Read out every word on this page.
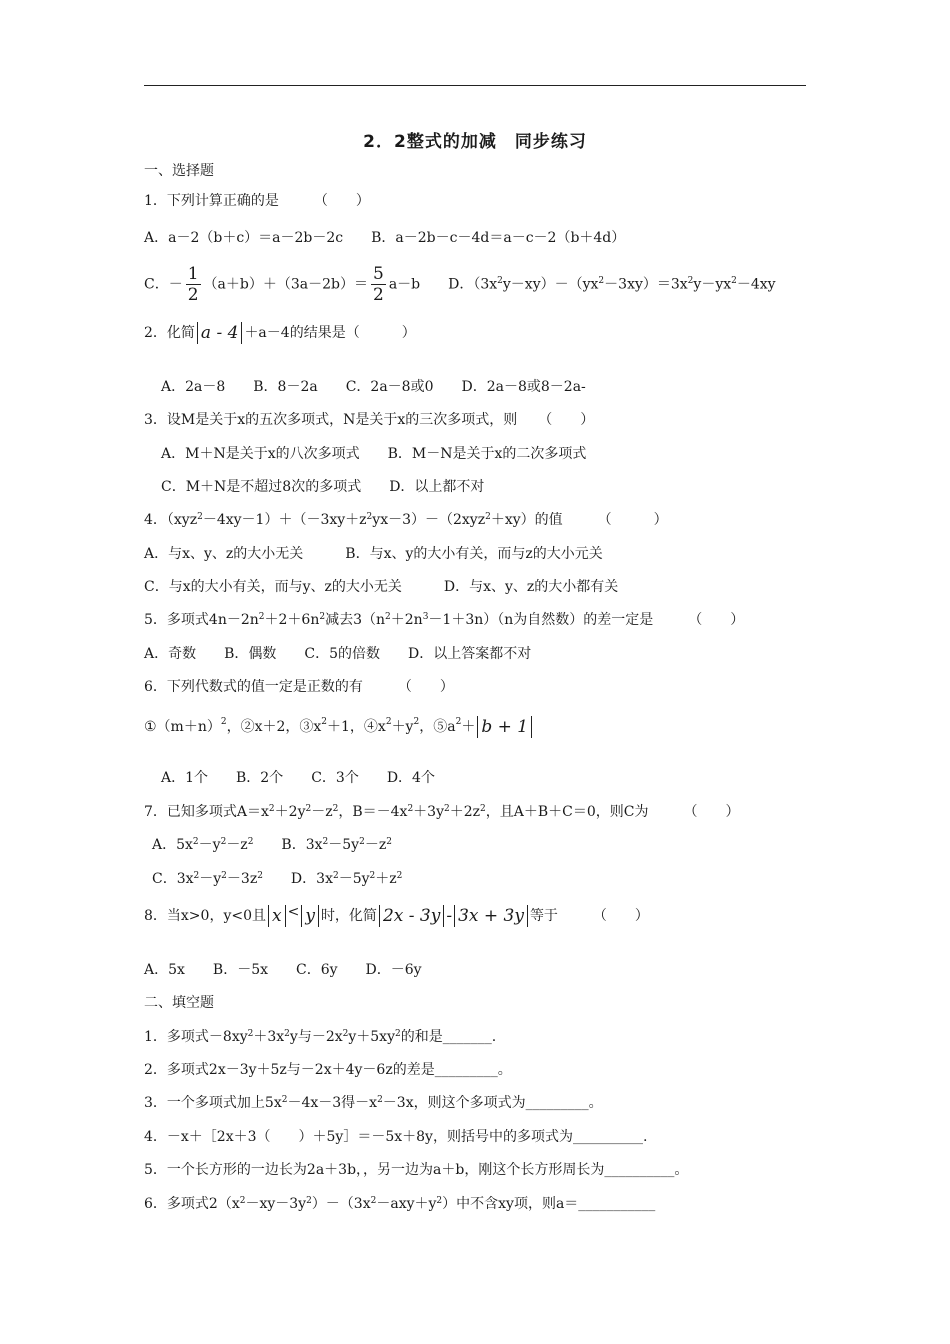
2．2整式的加减　同步练习
一、选择题
1．下列计算正确的是　　　（　　）
A．a－2（b＋c）＝a－2b－2c　　B．a－2b－c－4d＝a－c－2（b＋4d）
C．－ $\frac{1}{2} (a+b)+(3a-2b)= \frac{5}{2} a-b$　　D．$(3x^2y-xy)-(yx^2-3xy)=3x^2y-yx^2-4xy$
2．化简 a - 4 ＋a－4的结果是（　　　）
A．2a－8　　B．8－2a　　C．2a－8或0　　D．2a－8或8－2a-
3．设M是关于x的五次多项式，N是关于x的三次多项式，则　　（　　）
A．M＋N是关于x的八次多项式　　B．M－N是关于x的二次多项式
C．M＋N是不超过8次的多项式　　D．以上都不对
4．$(xyz^2-4xy-1)+(-3xy+z^2yx-3)-(2xyz^2+xy)$的值　　　（　　　）
A．与x、y、z的大小无关　　　B．与x、y的大小有关，而与z的大小元关
C．与x的大小有关，而与y、z的大小无关　　　D．与x、y、z的大小都有关
5．多项式$4n-2n^2+2+6n^2$减去$3(n^2+2n^3-1+3n)(n$为自然数）的差一定是　　　（　　）
A．奇数　　B．偶数　　C．5的倍数　　D．以上答案都不对
6．下列代数式的值一定是正数的有　　　（　　）
$①(m+n)^2$，②x＋2，$③x^2+1$，$④x^2+y^2$，$⑤a^2+ b + 1$
A．1个　　B．2个　　C．3个　　D．4个
7．已知多项式$A=x^2+2y^2-z^2$，$B=-4x^2+3y^2+2z^2$，且A＋B＋C＝0，则C为　　　（　　）
A．$5x^2-y^2-z^2$　　B．$3x^2-5y^2-z^2$
C．$3x^2-y^2-3z^2$　　D．$3x^2-5y^2+z^2$
8．当x>0，y<0且 x < y 时，化简 2x - 3y - 3x + 3y 等于　　　（　　）
A．5x　　B．－5x　　C．6y　　D．－6y
二、填空题
1．多项式$-8xy^2+3x^2y$与$-2x^2y+5xy^2$的和是_______.
2．多项式2x－3y＋5z与－2x＋4y－6z的差是_________。
3．一个多项式加上$5x^2-4x-3$得$-x^2-3x$，则这个多项式为_________。
4．－x＋［2x＋3（　　）＋5y］＝－5x＋8y，则括号中的多项式为__________.
5．一个长方形的一边长为2a＋3b，，另一边为a＋b，刚这个长方形周长为__________。
6．多项式$2(x^2-xy-3y^2)-(3x^2-axy+y^2)$中不含xy项，则a＝___________
